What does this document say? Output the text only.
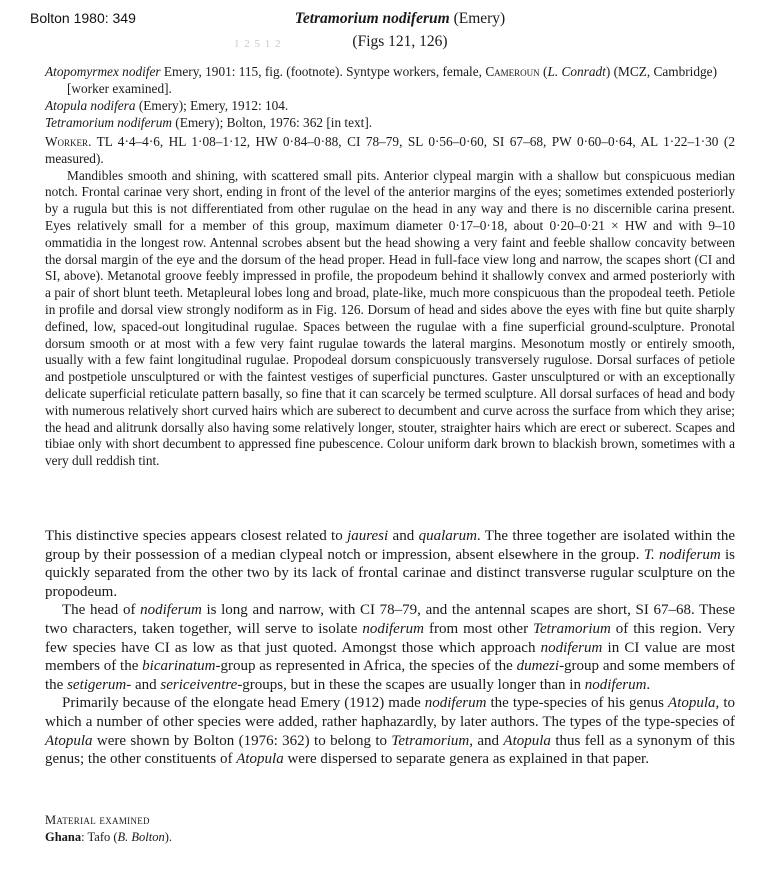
Bolton 1980: 349	Tetramorium nodiferum (Emery)
1 2 5 1 2	(Figs 121, 126)

Atopomyrmex nodifer Emery, 1901: 115, fig. (footnote). Syntype workers, female, Cameroun (L. Conradt) (MCZ, Cambridge) [worker examined].

Atopula nodifera (Emery); Emery, 1912: 104.

Tetramorium nodiferum (Emery); Bolton, 1976: 362 [in text].

Worker. TL 4·4–4·6, HL 1·08–1·12, HW 0·84–0·88, CI 78–79, SL 0·56–0·60, SI 67–68, PW 0·60–0·64, AL 1·22–1·30 (2 measured).

Mandibles smooth and shining, with scattered small pits. Anterior clypeal margin with a shallow but conspicuous median notch. Frontal carinae very short, ending in front of the level of the anterior margins of the eyes; sometimes extended posteriorly by a rugula but this is not differentiated from other rugulae on the head in any way and there is no discernible carina present. Eyes relatively small for a member of this group, maximum diameter 0·17–0·18, about 0·20–0·21 × HW and with 9–10 ommatidia in the longest row. Antennal scrobes absent but the head showing a very faint and feeble shallow concavity between the dorsal margin of the eye and the dorsum of the head proper. Head in full-face view long and narrow, the scapes short (CI and SI, above). Metanotal groove feebly impressed in profile, the propodeum behind it shallowly convex and armed posteriorly with a pair of short blunt teeth. Metapleural lobes long and broad, plate-like, much more conspicuous than the propodeal teeth. Petiole in profile and dorsal view strongly nodiform as in Fig. 126. Dorsum of head and sides above the eyes with fine but quite sharply defined, low, spaced-out longitudinal rugulae. Spaces between the rugulae with a fine superficial ground-sculpture. Pronotal dorsum smooth or at most with a few very faint rugulae towards the lateral margins. Mesonotum mostly or entirely smooth, usually with a few faint longitudinal rugulae. Propodeal dorsum conspicuously transversely rugulose. Dorsal surfaces of petiole and postpetiole unsculptured or with the faintest vestiges of superficial punctures. Gaster unsculptured or with an exceptionally delicate superficial reticulate pattern basally, so fine that it can scarcely be termed sculpture. All dorsal surfaces of head and body with numerous relatively short curved hairs which are suberect to decumbent and curve across the surface from which they arise; the head and alitrunk dorsally also having some relatively longer, stouter, straighter hairs which are erect or suberect. Scapes and tibiae only with short decumbent to appressed fine pubescence. Colour uniform dark brown to blackish brown, sometimes with a very dull reddish tint.

This distinctive species appears closest related to jauresi and qualarum. The three together are isolated within the group by their possession of a median clypeal notch or impression, absent elsewhere in the group. T. nodiferum is quickly separated from the other two by its lack of frontal carinae and distinct transverse rugular sculpture on the propodeum.

The head of nodiferum is long and narrow, with CI 78–79, and the antennal scapes are short, SI 67–68. These two characters, taken together, will serve to isolate nodiferum from most other Tetramorium of this region. Very few species have CI as low as that just quoted. Amongst those which approach nodiferum in CI value are most members of the bicarinatum-group as represented in Africa, the species of the dumezi-group and some members of the setigerum- and sericeiventre-groups, but in these the scapes are usually longer than in nodiferum.

Primarily because of the elongate head Emery (1912) made nodiferum the type-species of his genus Atopula, to which a number of other species were added, rather haphazardly, by later authors. The types of the type-species of Atopula were shown by Bolton (1976: 362) to belong to Tetramorium, and Atopula thus fell as a synonym of this genus; the other constituents of Atopula were dispersed to separate genera as explained in that paper.

Material examined
Ghana: Tafo (B. Bolton).
